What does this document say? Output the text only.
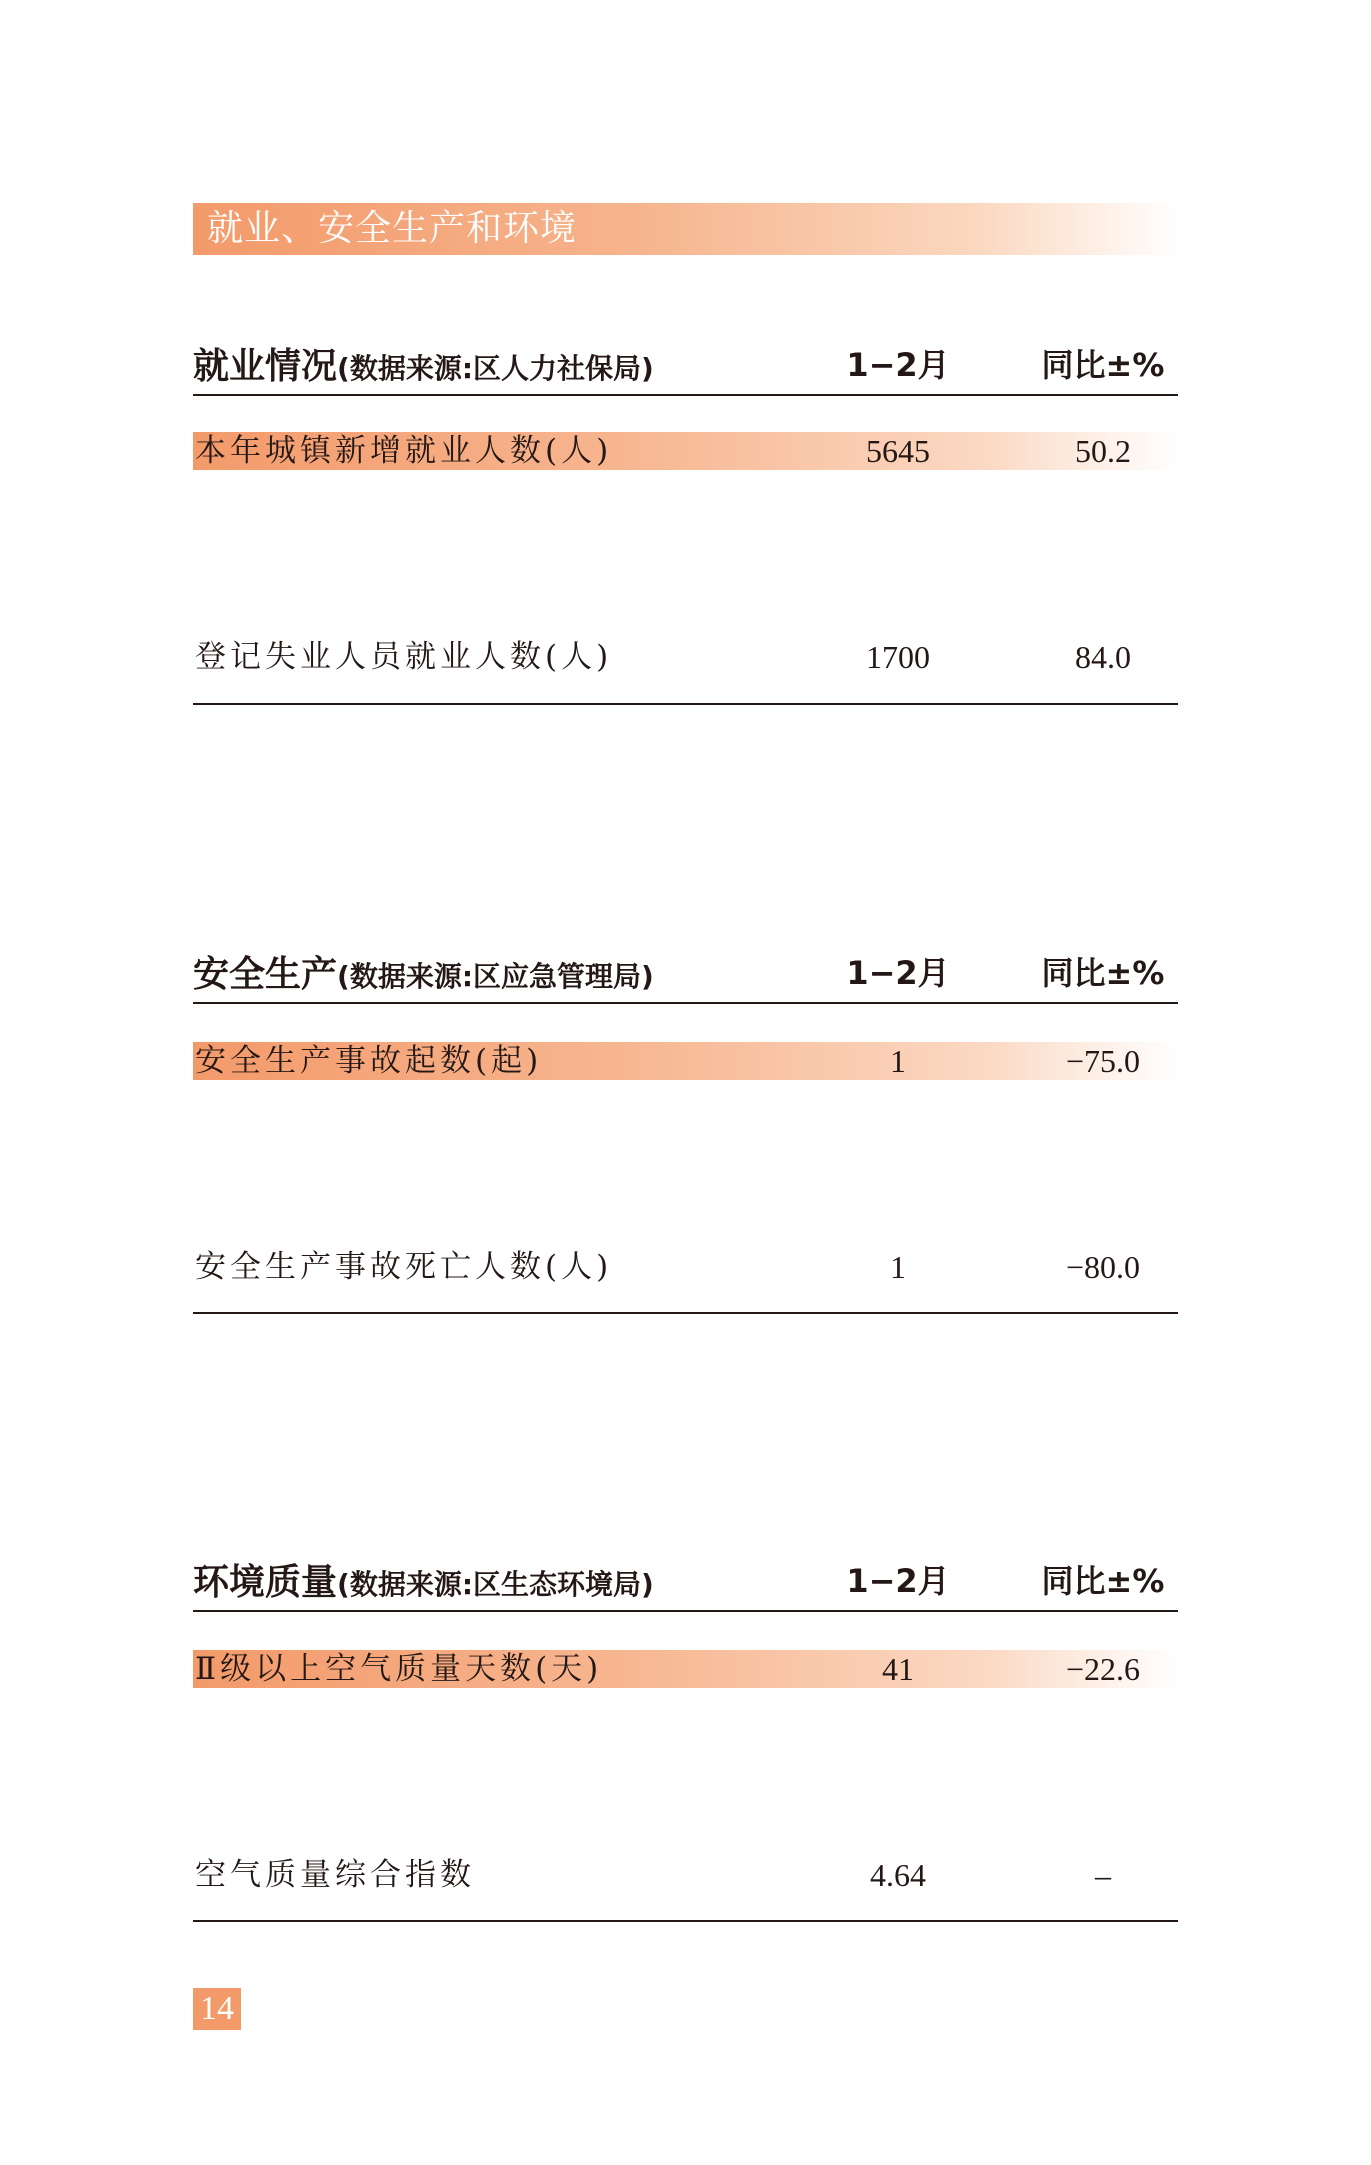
就业、安全生产和环境
就业情况(数据来源:区人力社保局)	1−2月	同比±%
本年城镇新增就业人数(人)	5645	50.2
登记失业人员就业人数(人)	1700	84.0
安全生产(数据来源:区应急管理局)	1−2月	同比±%
安全生产事故起数(起)	1	−75.0
安全生产事故死亡人数(人)	1	−80.0
环境质量(数据来源:区生态环境局)	1−2月	同比±%
Ⅱ级以上空气质量天数(天)	41	−22.6
空气质量综合指数	4.64	–
14
